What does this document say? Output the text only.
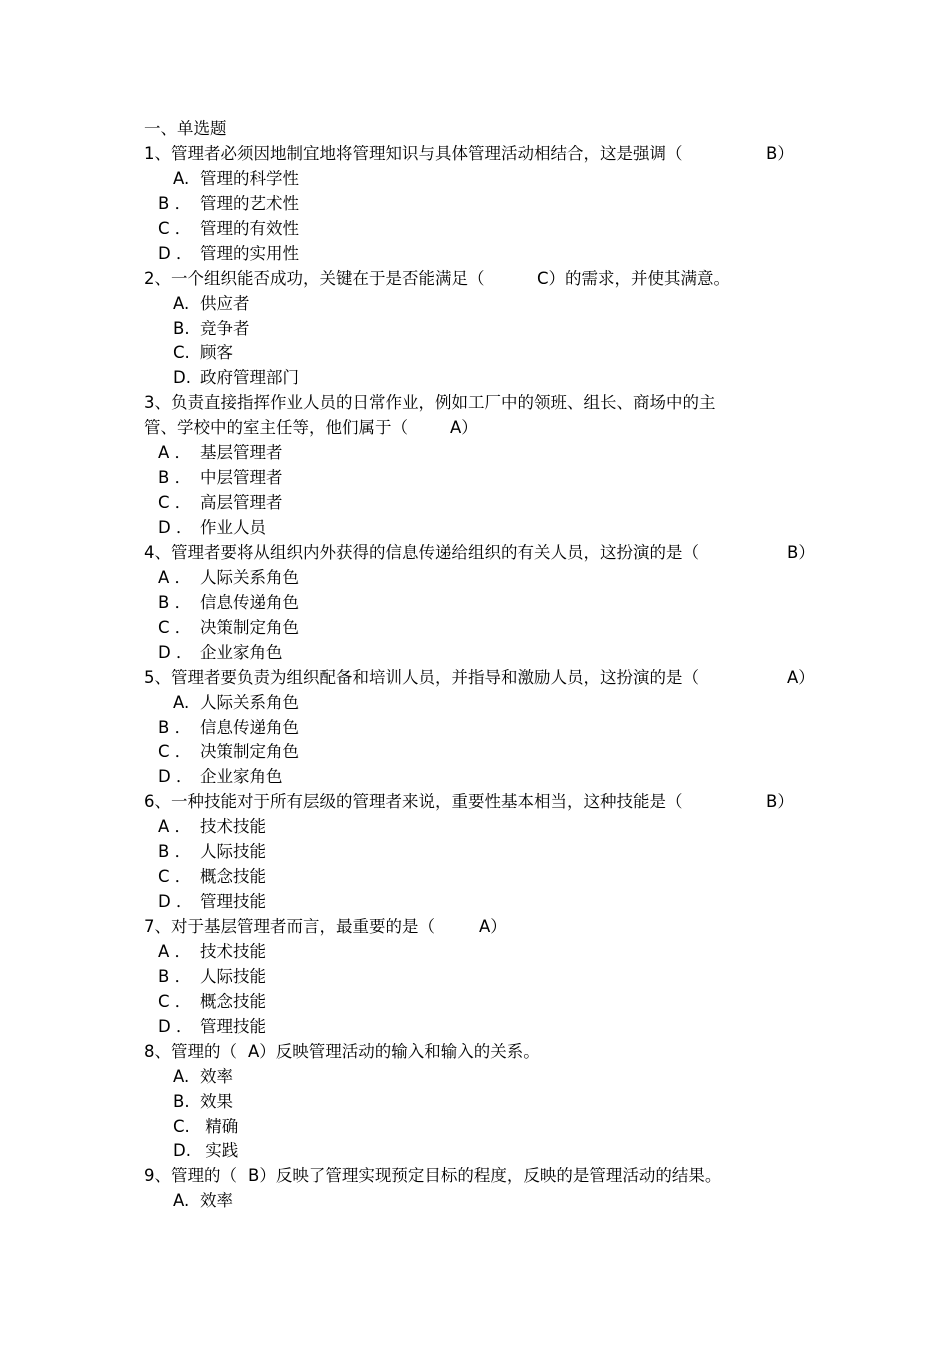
一、单选题
1、管理者必须因地制宜地将管理知识与具体管理活动相结合，这是强调（	B）
A. 管理的科学性
B ． 管理的艺术性
C ． 管理的有效性
D ． 管理的实用性
2、一个组织能否成功，关键在于是否能满足（	C）的需求，并使其满意。
A. 供应者
B. 竞争者
C. 顾客
D. 政府管理部门
3、负责直接指挥作业人员的日常作业，例如工厂中的领班、组长、商场中的主
管、学校中的室主任等，他们属于（	A）
A ． 基层管理者
B ． 中层管理者
C ． 高层管理者
D ． 作业人员
4、管理者要将从组织内外获得的信息传递给组织的有关人员，这扮演的是（	B）
A ． 人际关系角色
B ． 信息传递角色
C ． 决策制定角色
D ． 企业家角色
5、管理者要负责为组织配备和培训人员，并指导和激励人员，这扮演的是（	A）
A. 人际关系角色
B ． 信息传递角色
C ． 决策制定角色
D ． 企业家角色
6、一种技能对于所有层级的管理者来说，重要性基本相当，这种技能是（	B）
A ． 技术技能
B ． 人际技能
C ． 概念技能
D ． 管理技能
7、对于基层管理者而言，最重要的是（	A）
A ． 技术技能
B ． 人际技能
C ． 概念技能
D ． 管理技能
8、管理的（ A）反映管理活动的输入和输入的关系。
A. 效率
B. 效果
C. 精确
D. 实践
9、管理的（ B）反映了管理实现预定目标的程度，反映的是管理活动的结果。
A. 效率
